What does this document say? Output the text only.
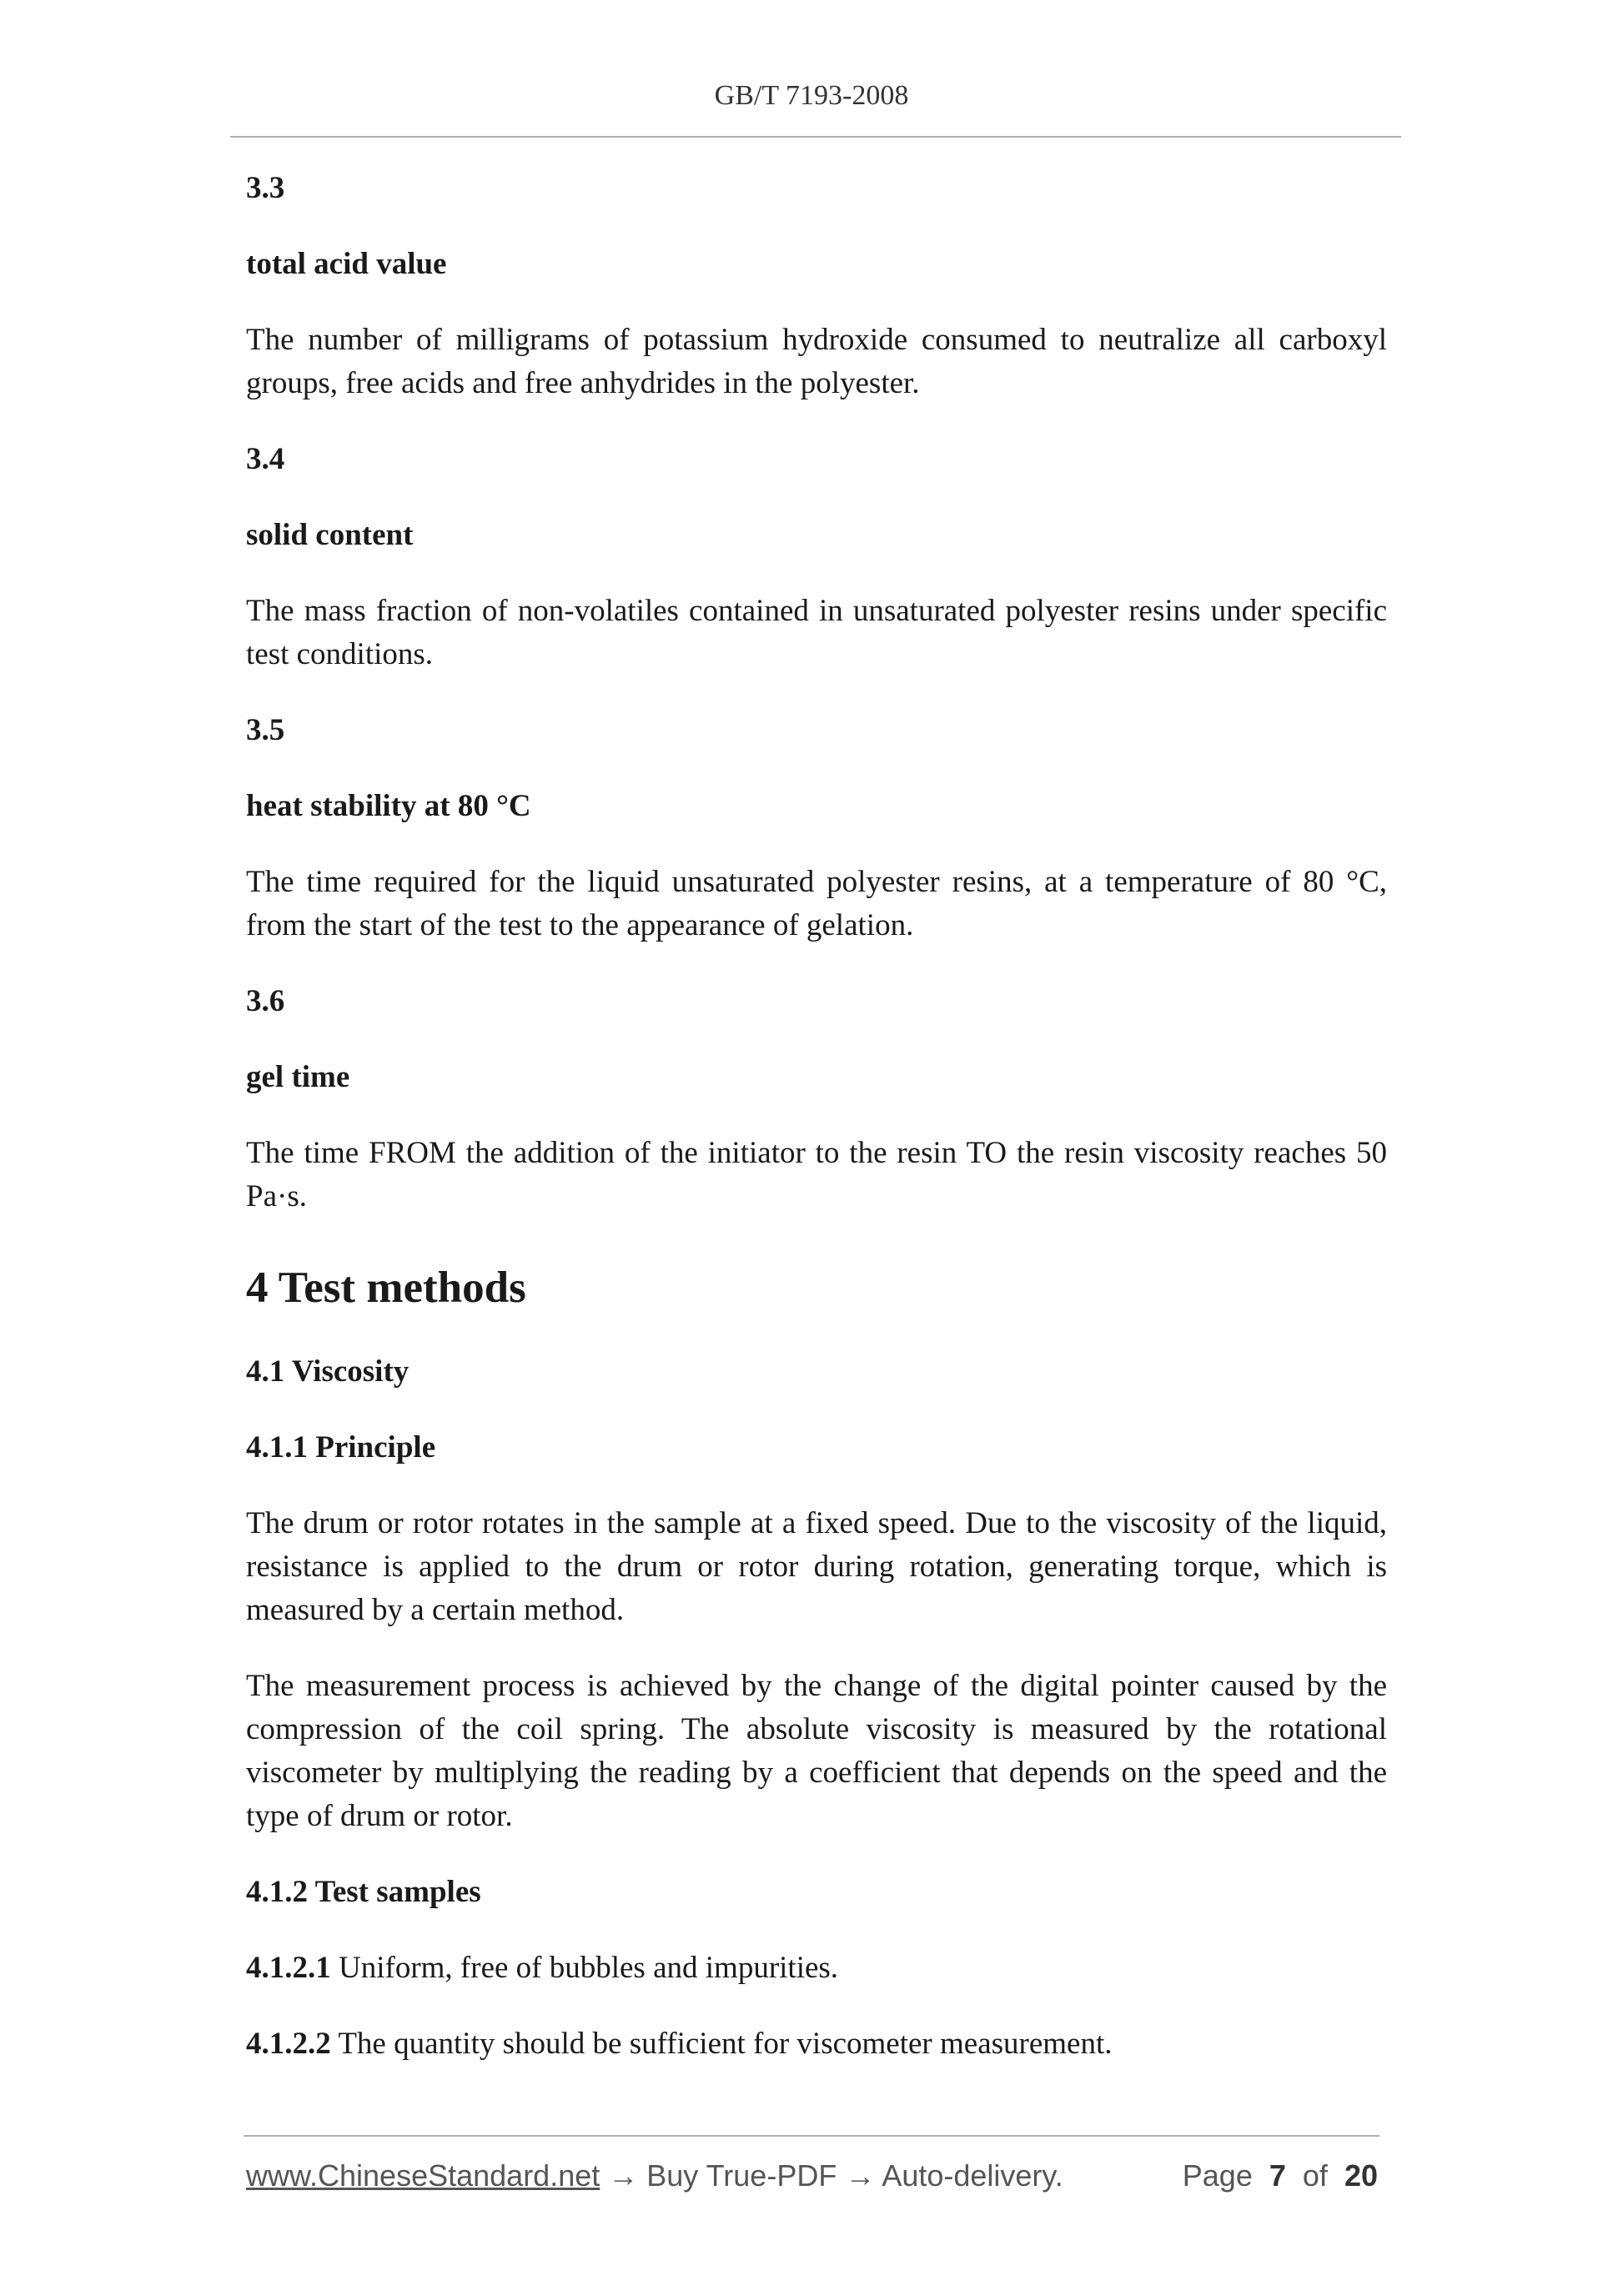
GB/T 7193-2008

3.3

total acid value

The number of milligrams of potassium hydroxide consumed to neutralize all carboxyl groups, free acids and free anhydrides in the polyester.

3.4

solid content

The mass fraction of non-volatiles contained in unsaturated polyester resins under specific test conditions.

3.5

heat stability at 80 °C

The time required for the liquid unsaturated polyester resins, at a temperature of 80 °C, from the start of the test to the appearance of gelation.

3.6

gel time

The time FROM the addition of the initiator to the resin TO the resin viscosity reaches 50 Pa·s.

4 Test methods

4.1 Viscosity

4.1.1 Principle

The drum or rotor rotates in the sample at a fixed speed. Due to the viscosity of the liquid, resistance is applied to the drum or rotor during rotation, generating torque, which is measured by a certain method.

The measurement process is achieved by the change of the digital pointer caused by the compression of the coil spring. The absolute viscosity is measured by the rotational viscometer by multiplying the reading by a coefficient that depends on the speed and the type of drum or rotor.

4.1.2 Test samples

4.1.2.1 Uniform, free of bubbles and impurities.

4.1.2.2 The quantity should be sufficient for viscometer measurement.

www.ChineseStandard.net → Buy True-PDF → Auto-delivery.	Page 7 of 20
